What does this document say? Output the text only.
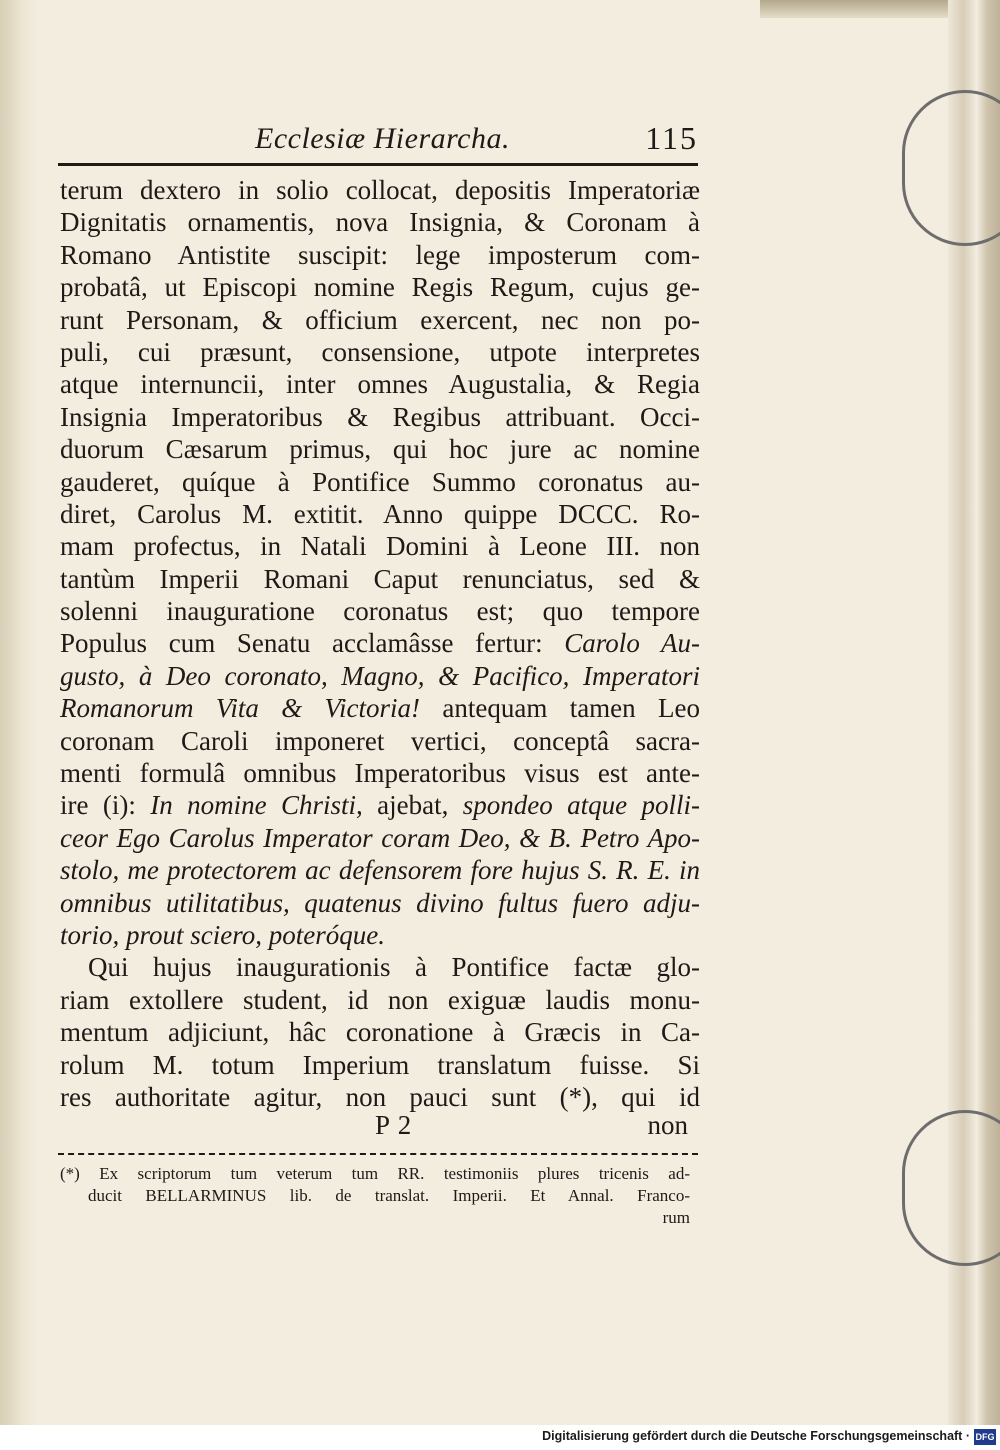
Ecclesiæ Hierarcha.	115
terum dextero in solio collocat, depositis Imperatoriæ
Dignitatis ornamentis, nova Insignia, & Coronam à
Romano Antistite suscipit: lege imposterum com-
probatâ, ut Episcopi nomine Regis Regum, cujus ge-
runt Personam, & officium exercent, nec non po-
puli, cui præsunt, consensione, utpote interpretes
atque internuncii, inter omnes Augustalia, & Regia
Insignia Imperatoribus & Regibus attribuant. Occi-
duorum Cæsarum primus, qui hoc jure ac nomine
gauderet, quíque à Pontifice Summo coronatus au-
diret, Carolus M. extitit. Anno quippe DCCC. Ro-
mam profectus, in Natali Domini à Leone III. non
tantùm Imperii Romani Caput renunciatus, sed &
solenni inauguratione coronatus est; quo tempore
Populus cum Senatu acclamâsse fertur: Carolo Au-
gusto, à Deo coronato, Magno, & Pacifico, Imperatori
Romanorum Vita & Victoria! antequam tamen Leo
coronam Caroli imponeret vertici, conceptâ sacra-
menti formulâ omnibus Imperatoribus visus est ante-
ire (i): In nomine Christi, ajebat, spondeo atque polli-
ceor Ego Carolus Imperator coram Deo, & B. Petro Apo-
stolo, me protectorem ac defensorem fore hujus S. R. E. in
omnibus utilitatibus, quatenus divino fultus fuero adju-
torio, prout sciero, poteróque.
Qui hujus inaugurationis à Pontifice factæ glo-
riam extollere student, id non exiguæ laudis monu-
mentum adjiciunt, hâc coronatione à Græcis in Ca-
rolum M. totum Imperium translatum fuisse. Si
res authoritate agitur, non pauci sunt (*), qui id
P 2	non
(*) Ex scriptorum tum veterum tum RR. testimoniis plures tricenis ad-
ducit BELLARMINUS lib. de translat. Imperii. Et Annal. Franco-
rum
Digitalisierung gefördert durch die Deutsche Forschungsgemeinschaft · DFG
